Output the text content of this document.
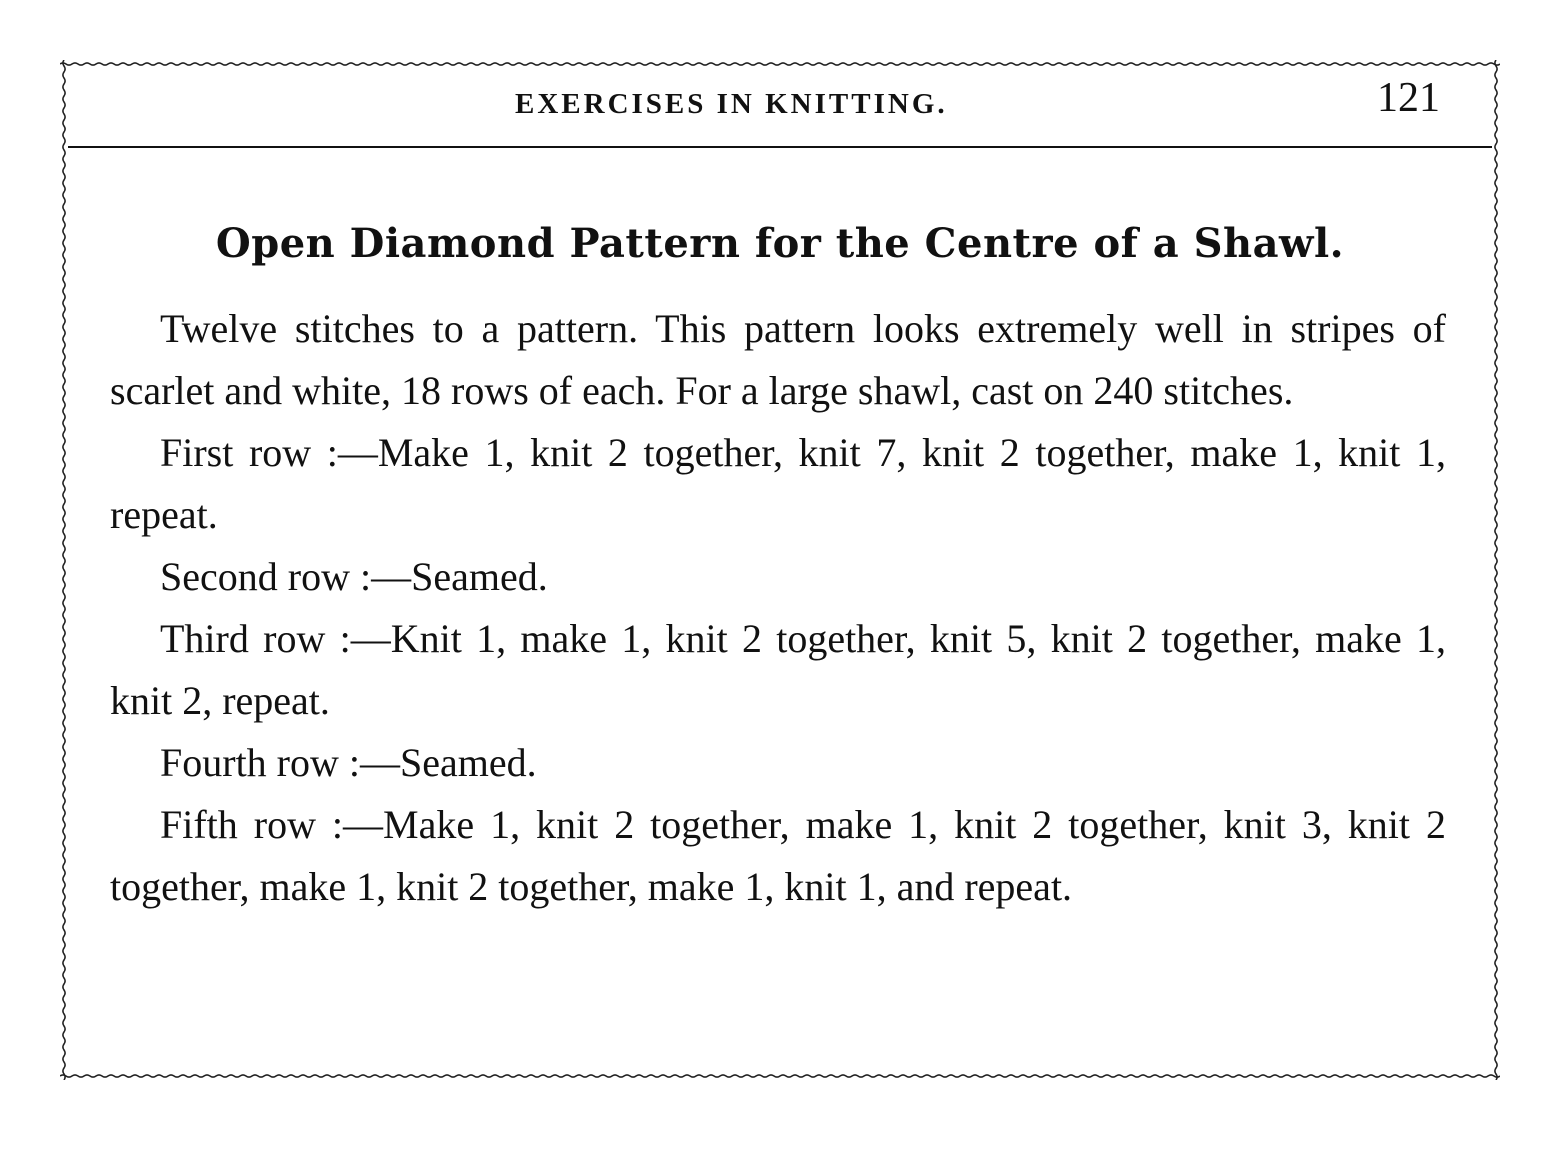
EXERCISES IN KNITTING.	121
Open Diamond Pattern for the Centre of a Shawl.

Twelve stitches to a pattern. This pattern looks extremely well in stripes of scarlet and white, 18 rows of each. For a large shawl, cast on 240 stitches.

First row :—Make 1, knit 2 together, knit 7, knit 2 together, make 1, knit 1, repeat.

Second row :—Seamed.

Third row :—Knit 1, make 1, knit 2 together, knit 5, knit 2 together, make 1, knit 2, repeat.

Fourth row :—Seamed.

Fifth row :—Make 1, knit 2 together, make 1, knit 2 together, knit 3, knit 2 together, make 1, knit 2 together, make 1, knit 1, and repeat.
